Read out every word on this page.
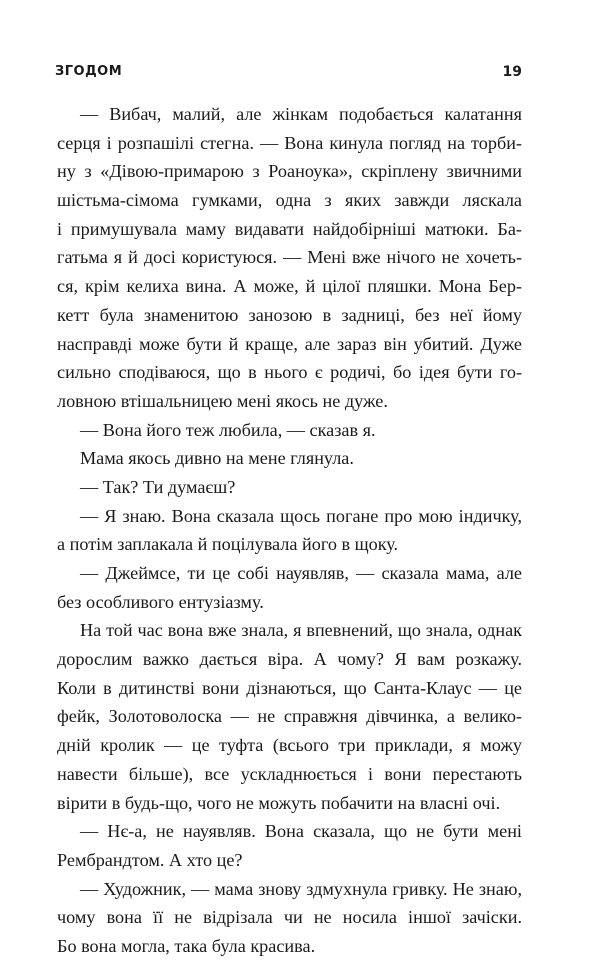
ЗГОДОМ	19
— Вибач, малий, але жінкам подобається калатання
серця і розпашілі стегна. — Вона кинула погляд на торби-
ну з «Дівою-примарою з Роаноука», скріплену звичними
шістьма-сімома гумками, одна з яких завжди ляскала
і примушувала маму видавати найдобірніші матюки. Ба-
гатьма я й досі користуюся. — Мені вже нічого не хочеть-
ся, крім келиха вина. А може, й цілої пляшки. Мона Бер-
кетт була знаменитою занозою в задниці, без неї йому
насправді може бути й краще, але зараз він убитий. Дуже
сильно сподіваюся, що в нього є родичі, бо ідея бути го-
ловною втішальницею мені якось не дуже.
— Вона його теж любила, — сказав я.
Мама якось дивно на мене глянула.
— Так? Ти думаєш?
— Я знаю. Вона сказала щось погане про мою індичку,
а потім заплакала й поцілувала його в щоку.
— Джеймсе, ти це собі науявляв, — сказала мама, але
без особливого ентузіазму.
На той час вона вже знала, я впевнений, що знала, однак
дорослим важко дається віра. А чому? Я вам розкажу.
Коли в дитинстві вони дізнаються, що Санта-Клаус — це
фейк, Золотоволоска — не справжня дівчинка, а велико-
дній кролик — це туфта (всього три приклади, я можу
навести більше), все ускладнюється і вони перестають
вірити в будь-що, чого не можуть побачити на власні очі.
— Нє-а, не науявляв. Вона сказала, що не бути мені
Рембрандтом. А хто це?
— Художник, — мама знову здмухнула гривку. Не знаю,
чому вона її не відрізала чи не носила іншої зачіски.
Бо вона могла, така була красива.
